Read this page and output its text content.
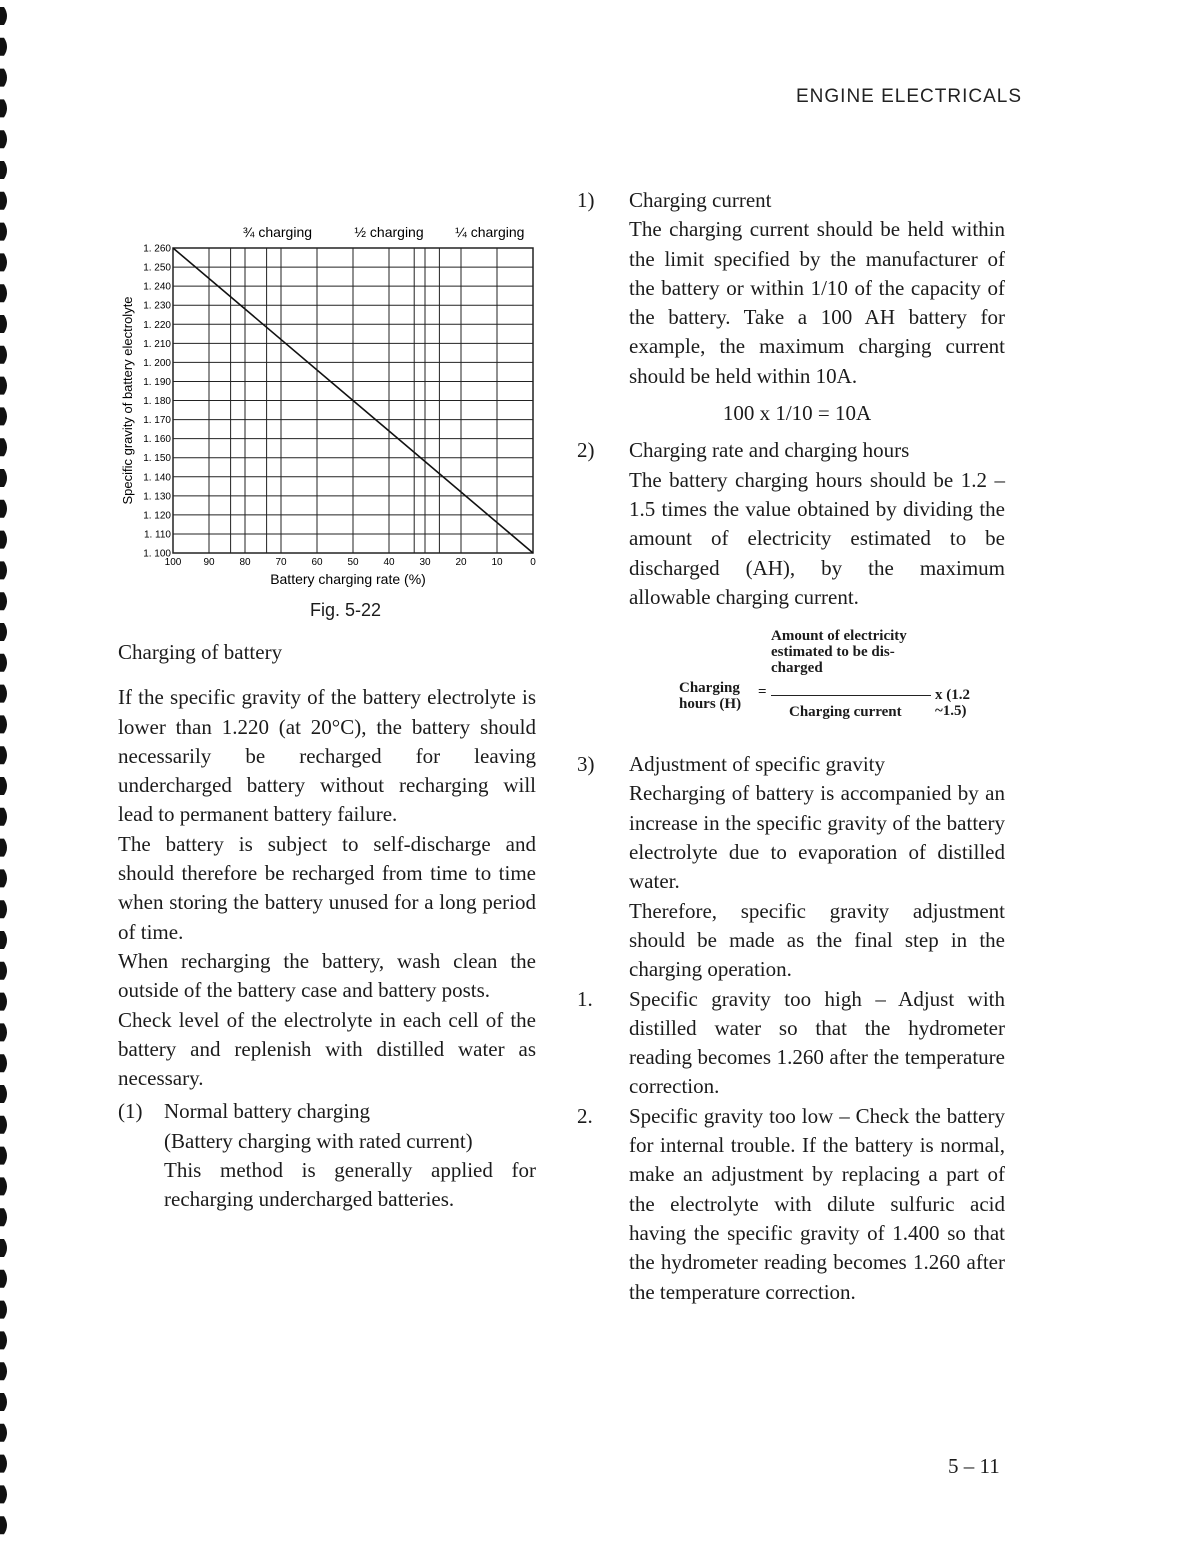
ENGINE ELECTRICALS
1. 260
1. 250
1. 240
1. 230
1. 220
1. 210
1. 200
1. 190
1. 180
1. 170
1. 160
1. 150
1. 140
1. 130
1. 120
1. 110
1. 100
100 90 80 70 60 50 40 30 20 10	0
¾ charging	½ charging ¼ charging
Battery charging rate (%)
Specific gravity of battery electrolyte
Fig. 5-22

Charging of battery

If the specific gravity of the battery electrolyte is lower than 1.220 (at 20°C), the battery should necessarily be recharged for leaving undercharged battery without recharging will lead to permanent battery failure.

The battery is subject to self-discharge and should therefore be recharged from time to time when storing the battery unused for a long period of time.

When recharging the battery, wash clean the outside of the battery case and battery posts.

Check level of the electrolyte in each cell of the battery and replenish with distilled water as necessary.

(1) Normal battery charging
(Battery charging with rated current)
This method is generally applied for recharging undercharged batteries.
1) Charging current
The charging current should be held within the limit specified by the manufacturer of the battery or within 1/10 of the capacity of the battery. Take a 100 AH battery for example, the maximum charging current should be held within 10A.
100 x 1/10 = 10A
2) Charging rate and charging hours
The battery charging hours should be 1.2 – 1.5 times the value obtained by dividing the amount of electricity estimated to be discharged (AH), by the maximum allowable charging current.
Amount of electricity
estimated to be dis-
charged
Charging
hours (H)
=	x (1.2 ~1.5)
Charging current
3) Adjustment of specific gravity
Recharging of battery is accompanied by an increase in the specific gravity of the battery electrolyte due to evaporation of distilled water.
Therefore, specific gravity adjustment should be made as the final step in the charging operation.
1. Specific gravity too high – Adjust with distilled water so that the hydrometer reading becomes 1.260 after the temperature correction.
2. Specific gravity too low – Check the battery for internal trouble. If the battery is normal, make an adjustment by replacing a part of the electrolyte with dilute sulfuric acid having the specific gravity of 1.400 so that the hydrometer reading becomes 1.260 after the temperature correction.
5 – 11
